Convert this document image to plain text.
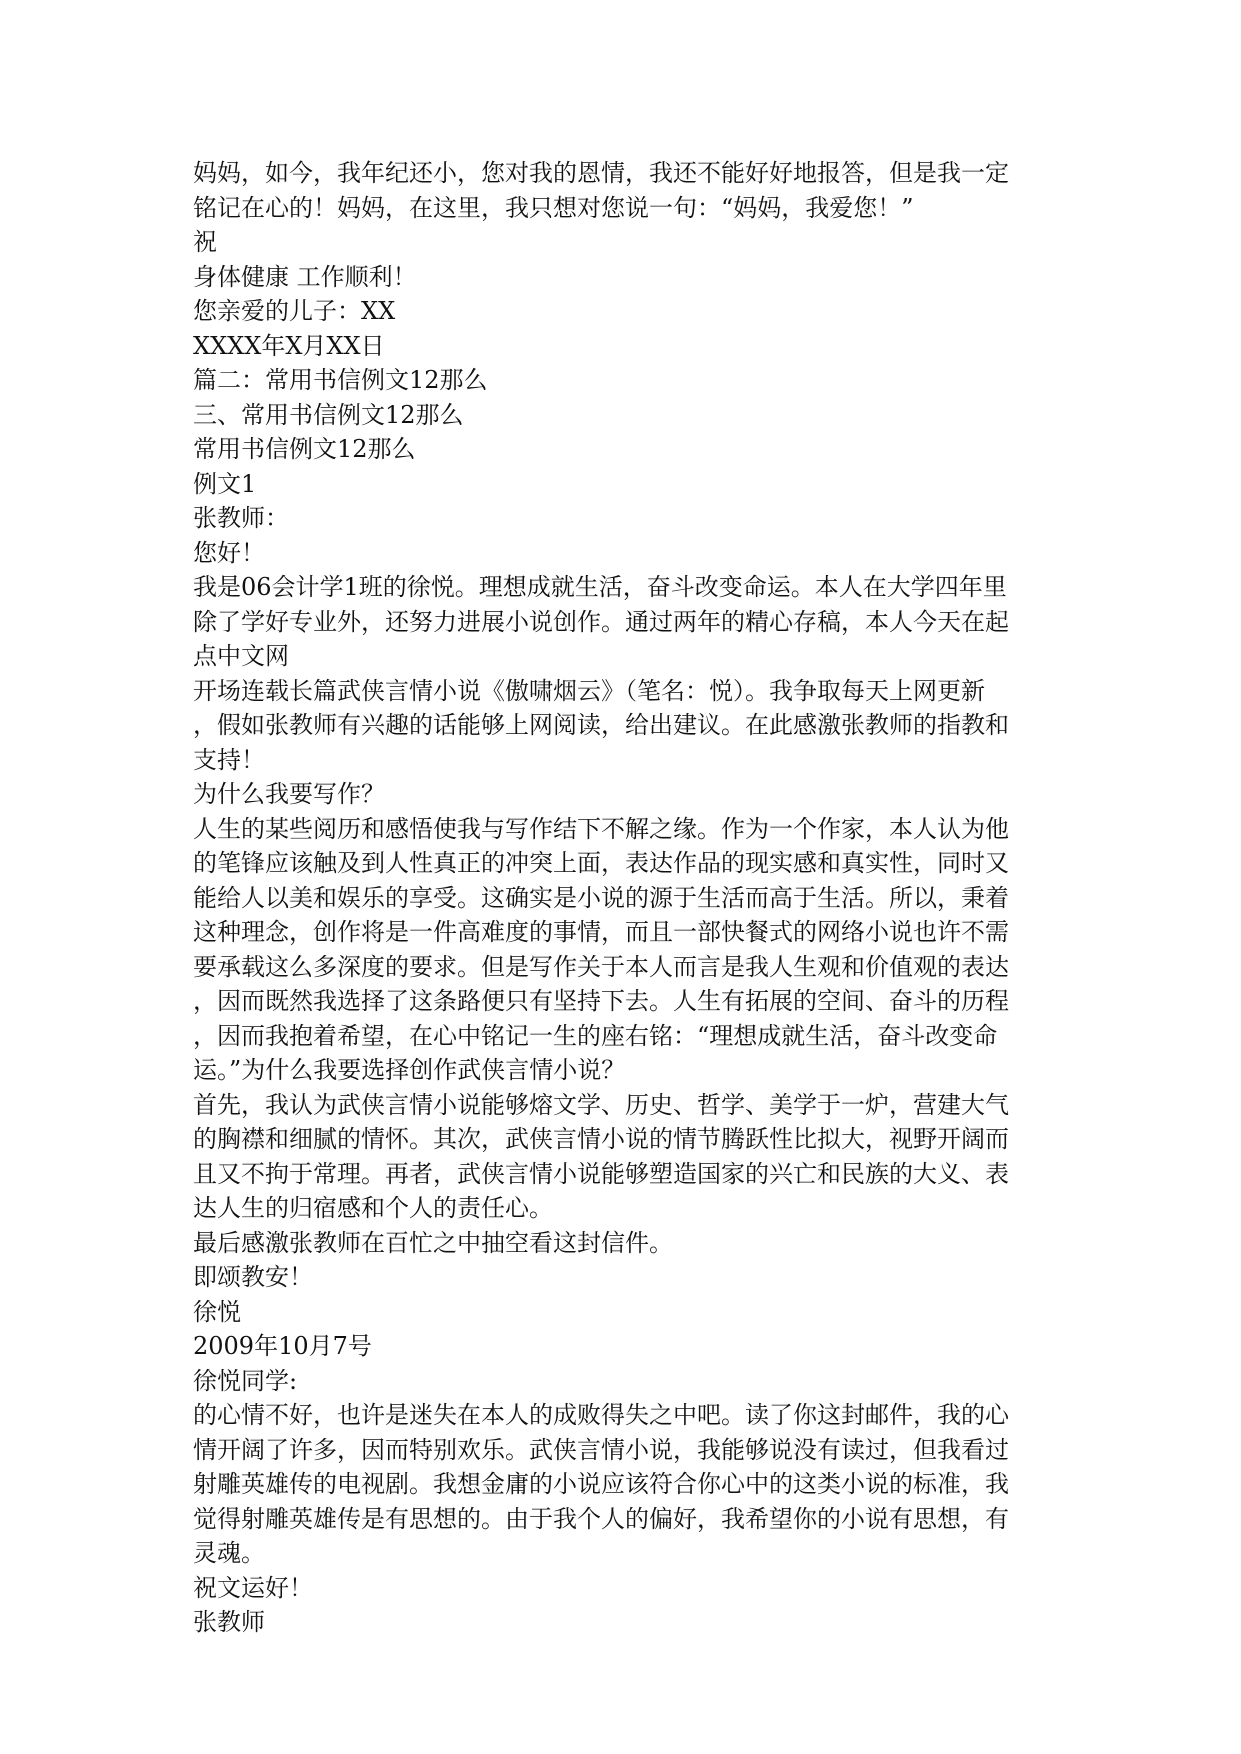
妈妈，如今，我年纪还小，您对我的恩情，我还不能好好地报答，但是我一定
铭记在心的！妈妈，在这里，我只想对您说一句：“妈妈，我爱您！”
祝
身体健康 工作顺利！
您亲爱的儿子：XX
XXXX年X月XX日
篇二：常用书信例文12那么
三、常用书信例文12那么
常用书信例文12那么
例文1
张教师：
您好！
我是06会计学1班的徐悦。理想成就生活，奋斗改变命运。本人在大学四年里
除了学好专业外，还努力进展小说创作。通过两年的精心存稿，本人今天在起
点中文网
开场连载长篇武侠言情小说《傲啸烟云》（笔名：悦）。我争取每天上网更新
，假如张教师有兴趣的话能够上网阅读，给出建议。在此感激张教师的指教和
支持！
为什么我要写作？
人生的某些阅历和感悟使我与写作结下不解之缘。作为一个作家，本人认为他
的笔锋应该触及到人性真正的冲突上面，表达作品的现实感和真实性，同时又
能给人以美和娱乐的享受。这确实是小说的源于生活而高于生活。所以，秉着
这种理念，创作将是一件高难度的事情，而且一部快餐式的网络小说也许不需
要承载这么多深度的要求。但是写作关于本人而言是我人生观和价值观的表达
，因而既然我选择了这条路便只有坚持下去。人生有拓展的空间、奋斗的历程
，因而我抱着希望，在心中铭记一生的座右铭：“理想成就生活，奋斗改变命
运。”为什么我要选择创作武侠言情小说？
首先，我认为武侠言情小说能够熔文学、历史、哲学、美学于一炉，营建大气
的胸襟和细腻的情怀。其次，武侠言情小说的情节腾跃性比拟大，视野开阔而
且又不拘于常理。再者，武侠言情小说能够塑造国家的兴亡和民族的大义、表
达人生的归宿感和个人的责任心。
最后感激张教师在百忙之中抽空看这封信件。
即颂教安！
徐悦
2009年10月7号
徐悦同学:
的心情不好，也许是迷失在本人的成败得失之中吧。读了你这封邮件，我的心
情开阔了许多，因而特别欢乐。武侠言情小说，我能够说没有读过，但我看过
射雕英雄传的电视剧。我想金庸的小说应该符合你心中的这类小说的标准，我
觉得射雕英雄传是有思想的。由于我个人的偏好，我希望你的小说有思想，有
灵魂。
祝文运好！
张教师
